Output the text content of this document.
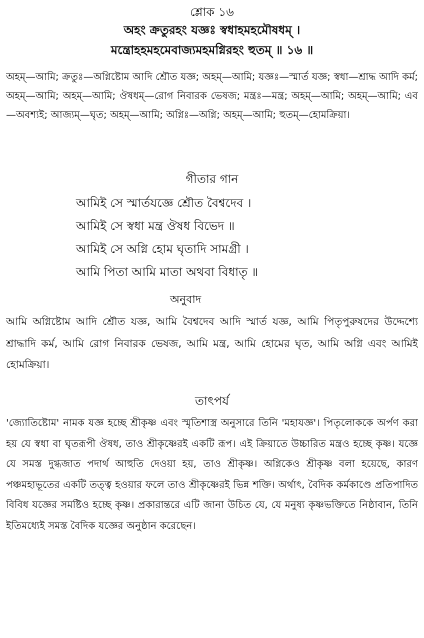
শ্লোক ১৬

অহং ক্রতুরহং যজ্ঞঃ স্বধাহমহমৌষধম্ ।

মন্ত্রোহহমহমেবাজ্যমহমগ্নিরহং হুতম্ ॥ ১৬ ॥

অহম্—আমি; ক্রতুঃ—অগ্নিষ্টোম আদি শ্রৌত যজ্ঞ; অহম্—আমি; যজ্ঞঃ—স্মার্ত যজ্ঞ; স্বধা—শ্রাদ্ধ আদি কর্ম; অহম্—আমি; অহম্—আমি; ঔষধম্—রোগ নিবারক ভেষজ; মন্ত্রঃ—মন্ত্র; অহম্—আমি; অহম্—আমি; এব—অবশ্যই; আজ্যম্—ঘৃত; অহম্—আমি; অগ্নিঃ—অগ্নি; অহম্—আমি; হুতম্—হোমক্রিয়া।

গীতার গান

আমিই সে স্মার্তযজ্ঞে শ্রৌত বৈশ্বদেব ।

আমিই সে স্বধা মন্ত্র ঔষধ বিভেদ ॥

আমিই সে অগ্নি হোম ঘৃতাদি সামগ্রী ।

আমি পিতা আমি মাতা অথবা বিধাতৃ ॥

অনুবাদ

আমি অগ্নিষ্টোম আদি শ্রৌত যজ্ঞ, আমি বৈশ্বদেব আদি স্মার্ত যজ্ঞ, আমি পিতৃপুরুষদের উদ্দেশ্যে শ্রাদ্ধাদি কর্ম, আমি রোগ নিবারক ভেষজ, আমি মন্ত্র, আমি হোমের ঘৃত, আমি অগ্নি এবং আমিই হোমক্রিয়া।

তাৎপর্য

'জ্যোতিষ্টোম' নামক যজ্ঞ হচ্ছে শ্রীকৃষ্ণ এবং স্মৃতিশাস্ত্র অনুসারে তিনি 'মহাযজ্ঞ'। পিতৃলোককে অর্পণ করা হয় যে স্বধা বা ঘৃতরূপী ঔষধ, তাও শ্রীকৃষ্ণেরই একটি রূপ। এই ক্রিয়াতে উচ্চারিত মন্ত্রও হচ্ছে কৃষ্ণ। যজ্ঞে যে সমস্ত দুগ্ধজাত পদার্থ আহুতি দেওয়া হয়, তাও শ্রীকৃষ্ণ। অগ্নিকেও শ্রীকৃষ্ণ বলা হয়েছে, কারণ পঞ্চমহাভূতের একটি তত্ত্ব হওয়ার ফলে তাও শ্রীকৃষ্ণেরই ভিন্ন শক্তি। অর্থাৎ, বৈদিক কর্মকাণ্ডে প্রতিপাদিত বিবিধ যজ্ঞের সমষ্টিও হচ্ছে কৃষ্ণ। প্রকারান্তরে এটি জানা উচিত যে, যে মনুষ্য কৃষ্ণভক্তিতে নিষ্ঠাবান, তিনি ইতিমধ্যেই সমস্ত বৈদিক যজ্ঞের অনুষ্ঠান করেছেন।
